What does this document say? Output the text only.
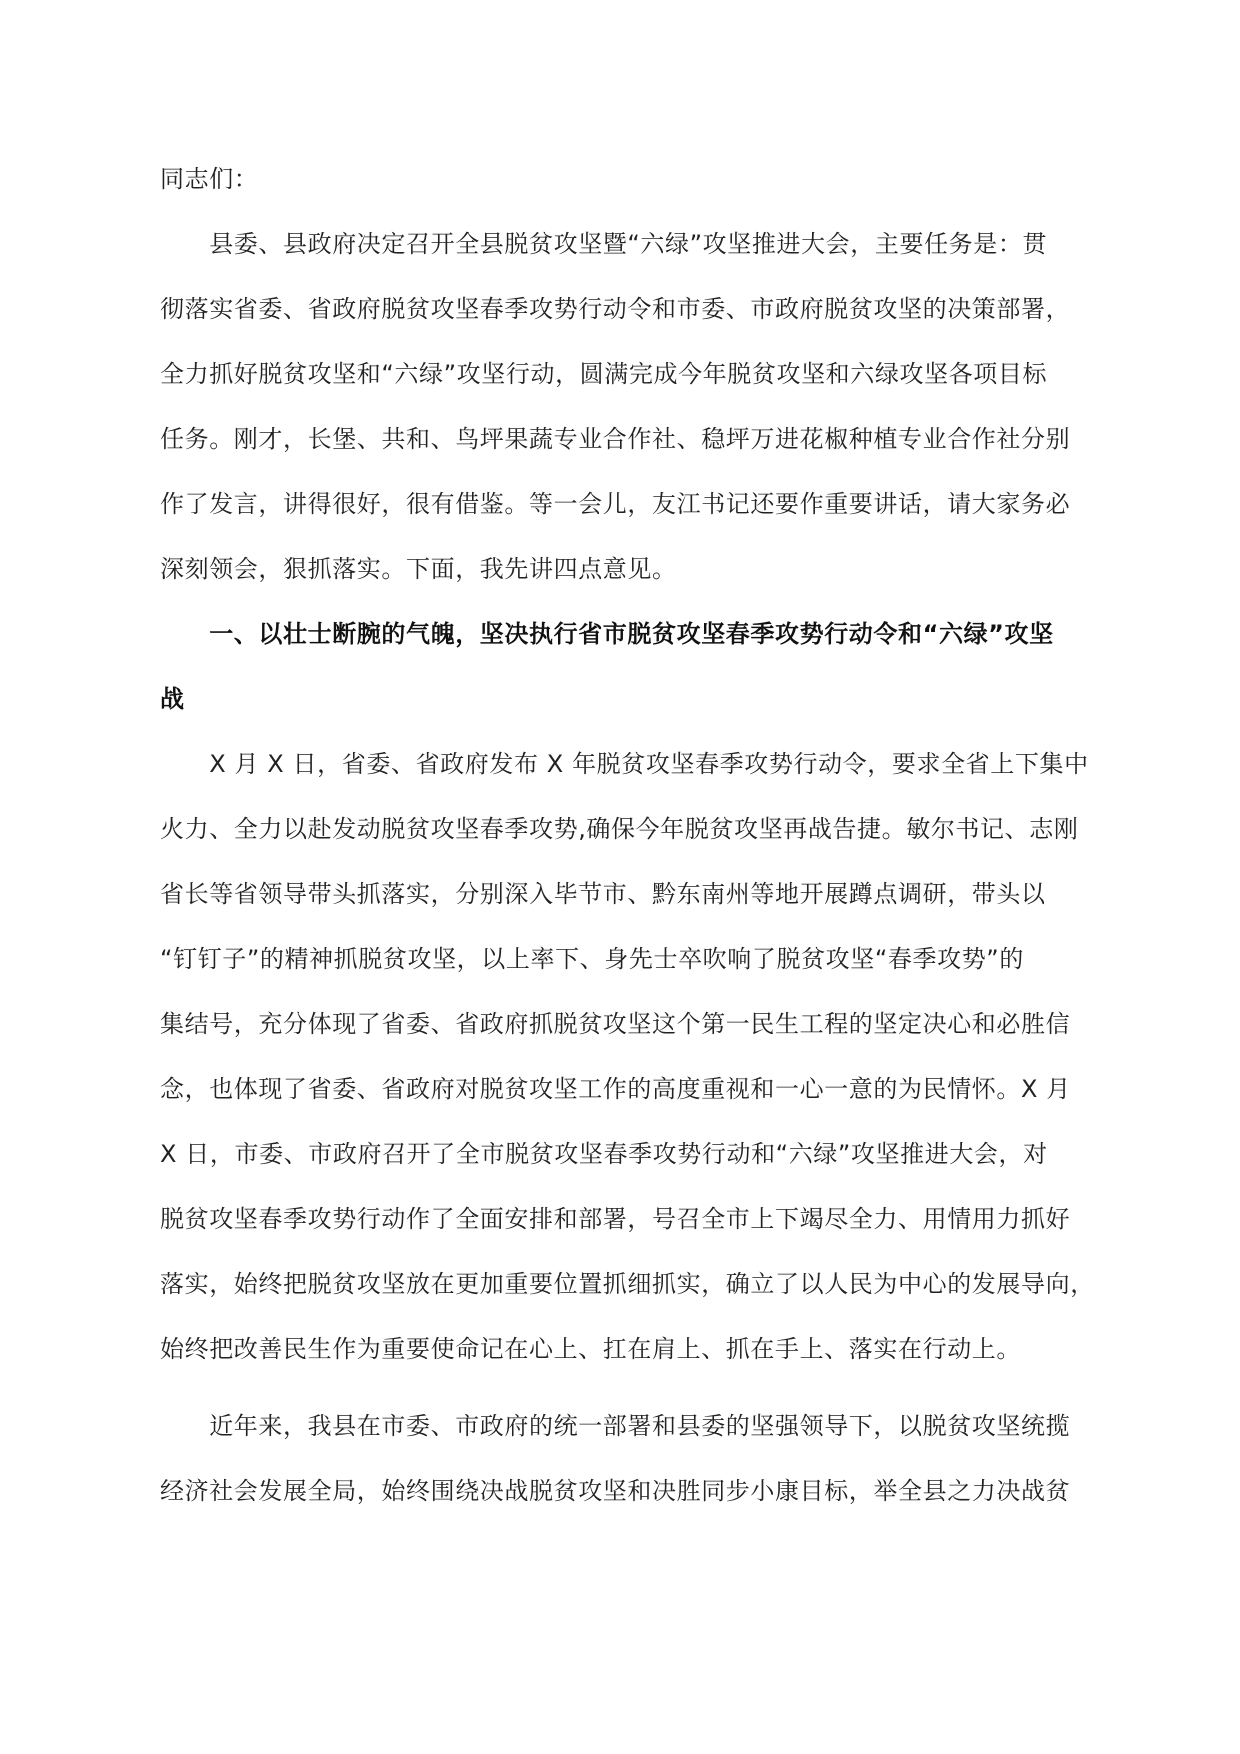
同志们：
　　县委、县政府决定召开全县脱贫攻坚暨“六绿”攻坚推进大会，主要任务是：贯
彻落实省委、省政府脱贫攻坚春季攻势行动令和市委、市政府脱贫攻坚的决策部署，
全力抓好脱贫攻坚和“六绿”攻坚行动，圆满完成今年脱贫攻坚和六绿攻坚各项目标
任务。刚才，长堡、共和、鸟坪果蔬专业合作社、稳坪万进花椒种植专业合作社分别
作了发言，讲得很好，很有借鉴。等一会儿，友江书记还要作重要讲话，请大家务必
深刻领会，狠抓落实。下面，我先讲四点意见。
　　一、以壮士断腕的气魄，坚决执行省市脱贫攻坚春季攻势行动令和“六绿”攻坚
战
　　X 月 X 日，省委、省政府发布 X 年脱贫攻坚春季攻势行动令，要求全省上下集中
火力、全力以赴发动脱贫攻坚春季攻势,确保今年脱贫攻坚再战告捷。敏尔书记、志刚
省长等省领导带头抓落实，分别深入毕节市、黔东南州等地开展蹲点调研，带头以
“钉钉子”的精神抓脱贫攻坚，以上率下、身先士卒吹响了脱贫攻坚“春季攻势”的
集结号，充分体现了省委、省政府抓脱贫攻坚这个第一民生工程的坚定决心和必胜信
念，也体现了省委、省政府对脱贫攻坚工作的高度重视和一心一意的为民情怀。X 月
X 日，市委、市政府召开了全市脱贫攻坚春季攻势行动和“六绿”攻坚推进大会，对
脱贫攻坚春季攻势行动作了全面安排和部署，号召全市上下竭尽全力、用情用力抓好
落实，始终把脱贫攻坚放在更加重要位置抓细抓实，确立了以人民为中心的发展导向，
始终把改善民生作为重要使命记在心上、扛在肩上、抓在手上、落实在行动上。
　　近年来，我县在市委、市政府的统一部署和县委的坚强领导下，以脱贫攻坚统揽
经济社会发展全局，始终围绕决战脱贫攻坚和决胜同步小康目标，举全县之力决战贫
